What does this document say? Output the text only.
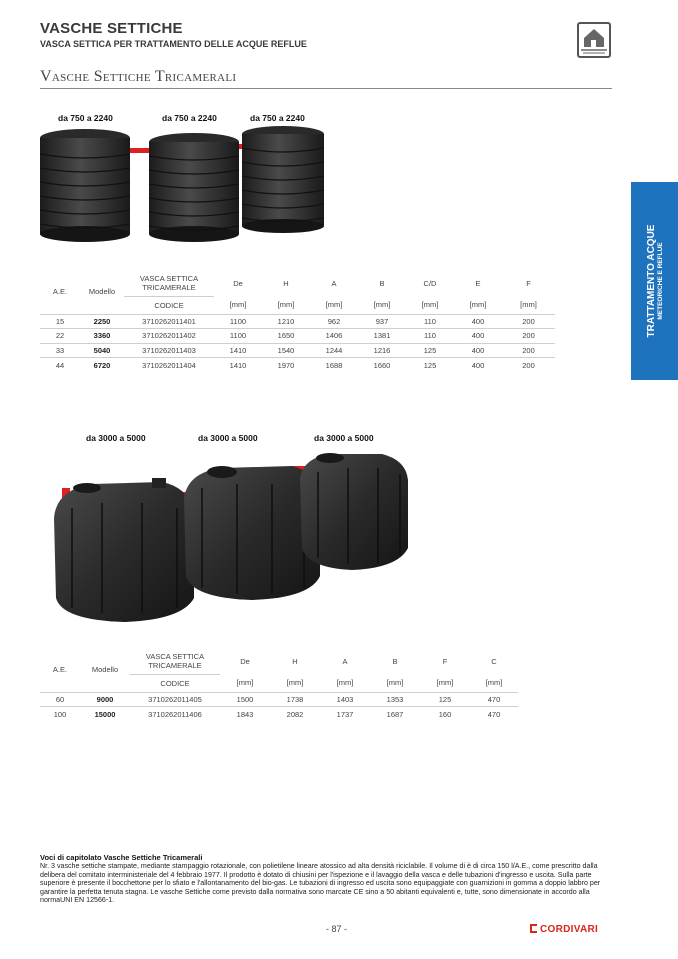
VASCHE SETTICHE
VASCA SETTICA PER TRATTAMENTO DELLE ACQUE REFLUE
Vasche Settiche Tricamerali
TRATTAMENTO ACQUE METEORICHE E REFLUE
da 750 a 2240	da 750 a 2240	da 750 a 2240
A.E.	Modello	VASCA SETTICA TRICAMERALE	De	H	A	B	C/D	E	F
		CODICE	[mm]	[mm]	[mm]	[mm]	[mm]	[mm]	[mm]
15	2250	3710262011401	1100	1210	962	937	110	400	200
22	3360	3710262011402	1100	1650	1406	1381	110	400	200
33	5040	3710262011403	1410	1540	1244	1216	125	400	200
44	6720	3710262011404	1410	1970	1688	1660	125	400	200
da 3000 a 5000	da 3000 a 5000	da 3000 a 5000
A.E.	Modello	VASCA SETTICA TRICAMERALE	De	H	A	B	F	C
		CODICE	[mm]	[mm]	[mm]	[mm]	[mm]	[mm]
60	9000	3710262011405	1500	1738	1403	1353	125	470
100	15000	3710262011406	1843	2082	1737	1687	160	470
Voci di capitolato Vasche Settiche Tricamerali
Nr. 3 vasche settiche stampate, mediante stampaggio rotazionale, con polietilene lineare atossico ad alta densità riciclabile. Il volume di è di circa 150 l/A.E., come prescritto dalla delibera del comitato interministeriale del 4 febbraio 1977. Il prodotto è dotato di chiusini per l'ispezione e il lavaggio della vasca e delle tubazioni d'ingresso e uscita. Sulla parte superiore è presente il bocchettone per lo sfiato e l'allontanamento del bio-gas. Le tubazioni di ingresso ed uscita sono equipaggiate con guarnizioni in gomma a doppio labbro per garantire la perfetta tenuta stagna. Le vasche Settiche come previsto dalla normativa sono marcate CE sino a 50 abitanti equivalenti e, tutte, sono dimensionate in accordo alla normaUNI EN 12566-1.
- 87 -	CORDIVARI
